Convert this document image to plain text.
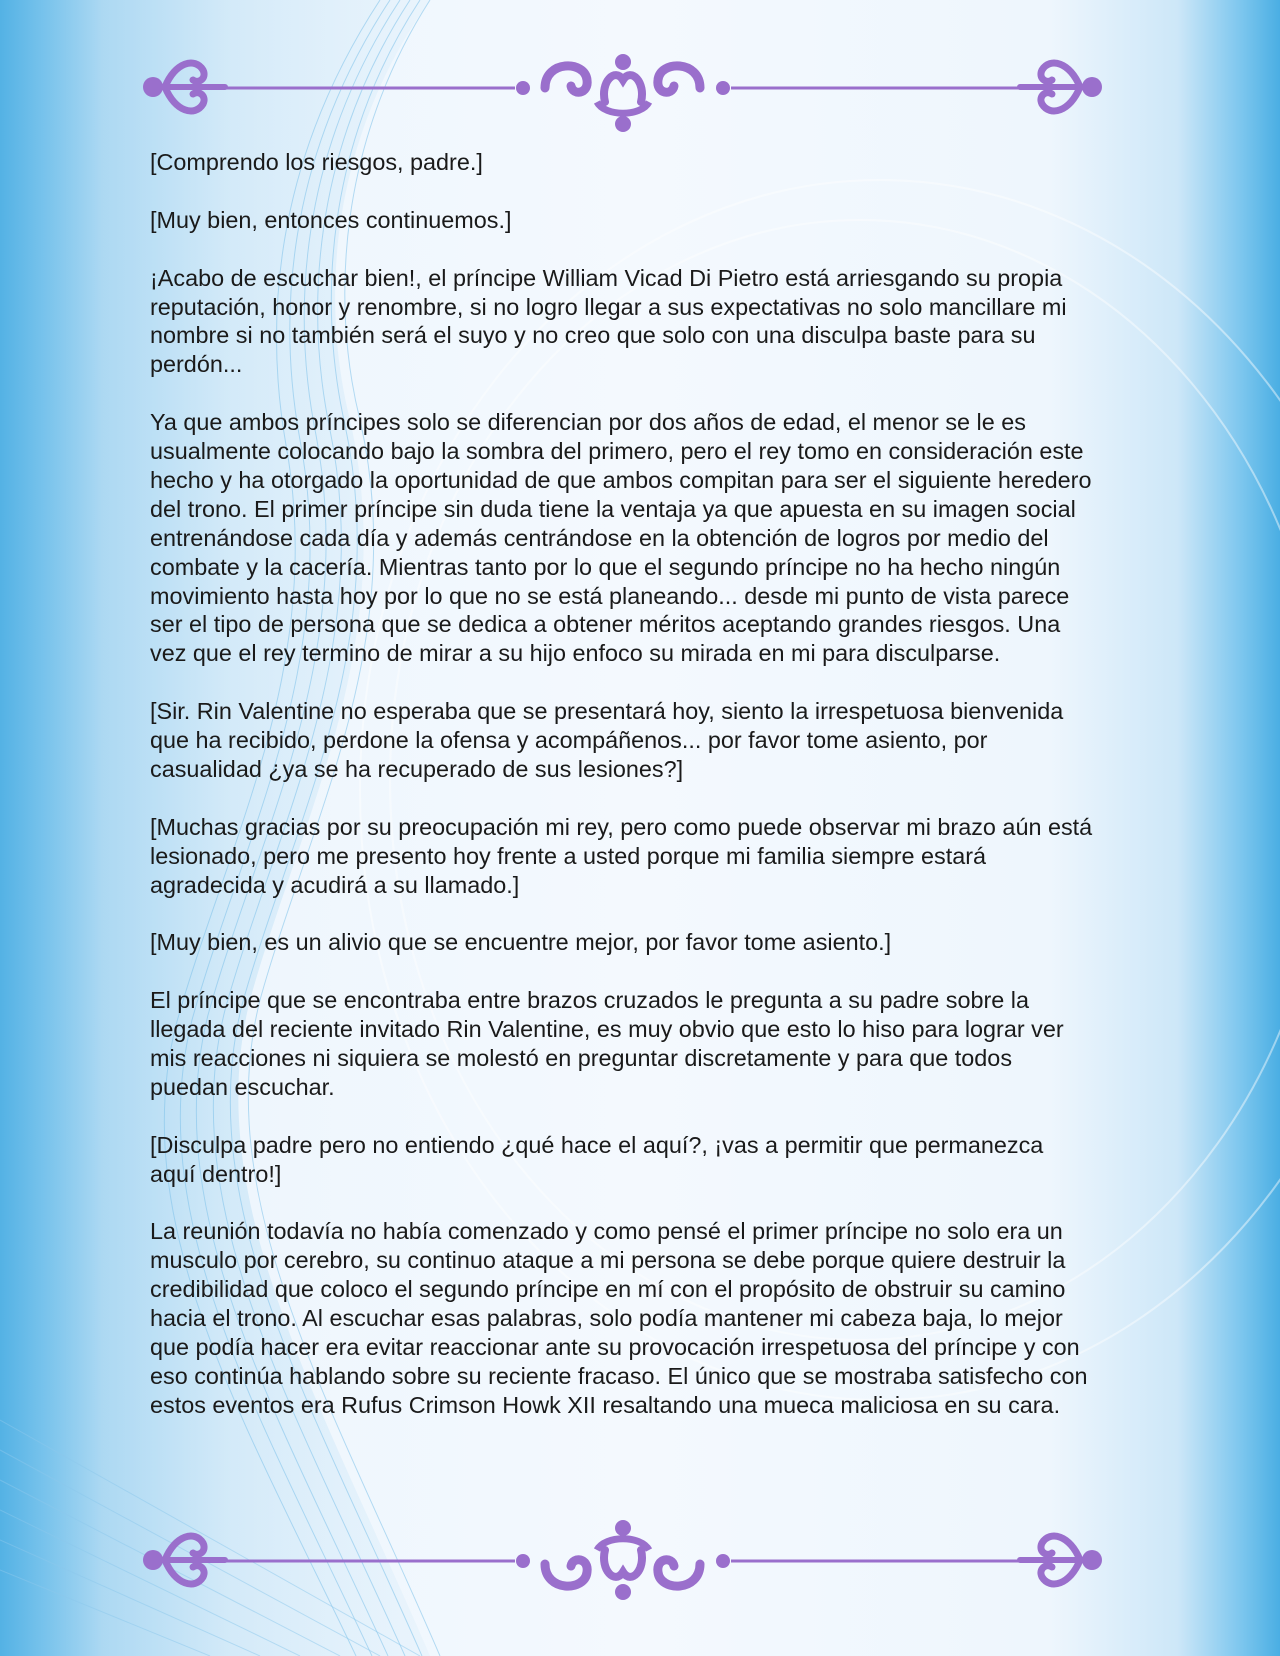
[Comprendo los riesgos, padre.]

[Muy bien, entonces continuemos.]

¡Acabo de escuchar bien!, el príncipe William Vicad Di Pietro está arriesgando su propia reputación, honor y renombre, si no logro llegar a sus expectativas no solo mancillare mi nombre si no también será el suyo y no creo que solo con una disculpa baste para su perdón...

Ya que ambos príncipes solo se diferencian por dos años de edad, el menor se le es usualmente colocando bajo la sombra del primero, pero el rey tomo en consideración este hecho y ha otorgado la oportunidad de que ambos compitan para ser el siguiente heredero del trono. El primer príncipe sin duda tiene la ventaja ya que apuesta en su imagen social entrenándose cada día y además centrándose en la obtención de logros por medio del combate y la cacería. Mientras tanto por lo que el segundo príncipe no ha hecho ningún movimiento hasta hoy por lo que no se está planeando... desde mi punto de vista parece ser el tipo de persona que se dedica a obtener méritos aceptando grandes riesgos. Una vez que el rey termino de mirar a su hijo enfoco su mirada en mi para disculparse.

[Sir. Rin Valentine no esperaba que se presentará hoy, siento la irrespetuosa bienvenida que ha recibido, perdone la ofensa y acompáñenos... por favor tome asiento, por casualidad ¿ya se ha recuperado de sus lesiones?]

[Muchas gracias por su preocupación mi rey, pero como puede observar mi brazo aún está lesionado, pero me presento hoy frente a usted porque mi familia siempre estará agradecida y acudirá a su llamado.]

[Muy bien, es un alivio que se encuentre mejor, por favor tome asiento.]

El príncipe que se encontraba entre brazos cruzados le pregunta a su padre sobre la llegada del reciente invitado Rin Valentine, es muy obvio que esto lo hiso para lograr ver mis reacciones ni siquiera se molestó en preguntar discretamente y para que todos puedan escuchar.

[Disculpa padre pero no entiendo ¿qué hace el aquí?, ¡vas a permitir que permanezca aquí dentro!]

La reunión todavía no había comenzado y como pensé el primer príncipe no solo era un musculo por cerebro, su continuo ataque a mi persona se debe porque quiere destruir la credibilidad que coloco el segundo príncipe en mí con el propósito de obstruir su camino hacia el trono. Al escuchar esas palabras, solo podía mantener mi cabeza baja, lo mejor que podía hacer era evitar reaccionar ante su provocación irrespetuosa del príncipe y con eso continúa hablando sobre su reciente fracaso. El único que se mostraba satisfecho con estos eventos era Rufus Crimson Howk XII resaltando una mueca maliciosa en su cara.
